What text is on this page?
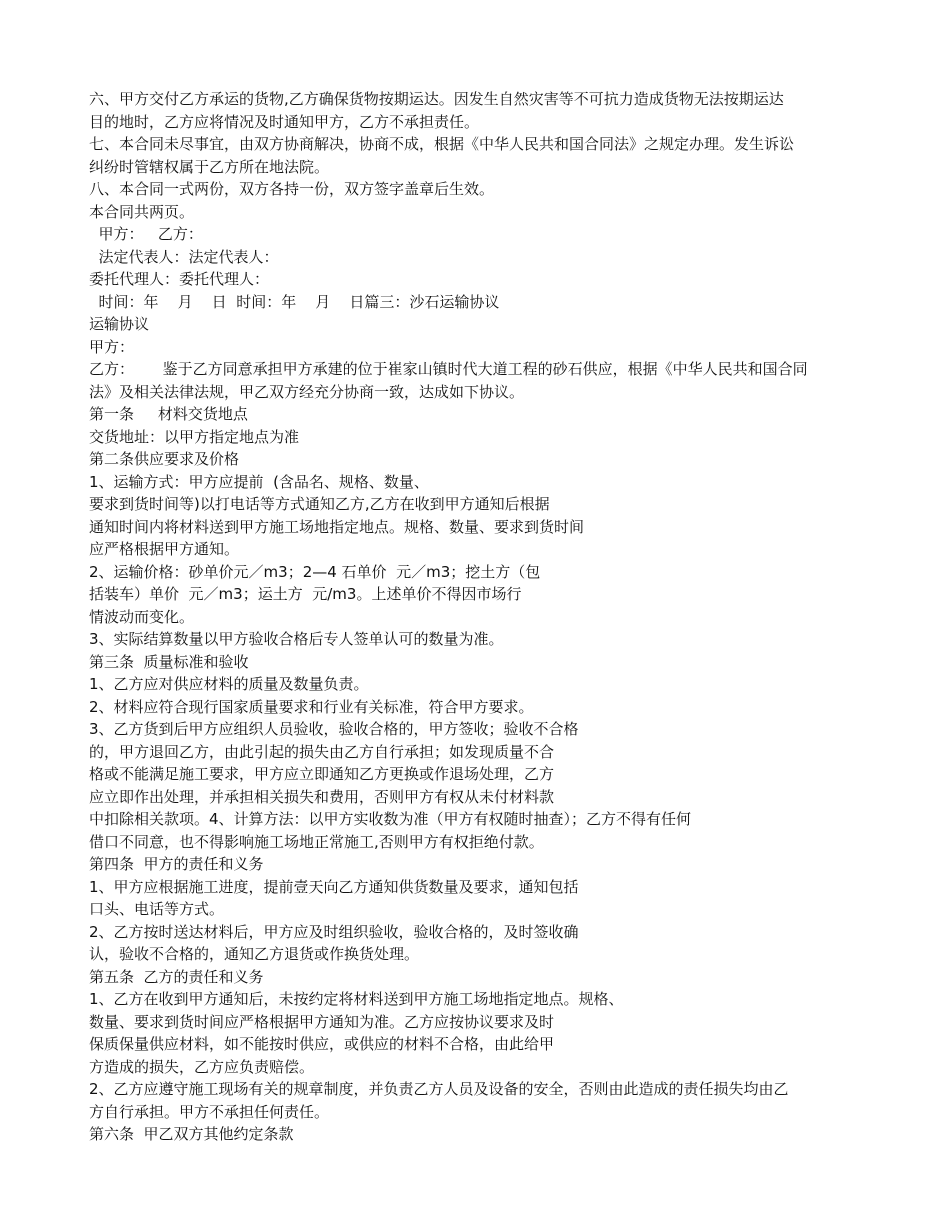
六、甲方交付乙方承运的货物,乙方确保货物按期运达。因发生自然灾害等不可抗力造成货物无法按期运达
目的地时，乙方应将情况及时通知甲方，乙方不承担责任。
七、本合同未尽事宜，由双方协商解决，协商不成，根据《中华人民共和国合同法》之规定办理。发生诉讼
纠纷时管辖权属于乙方所在地法院。
八、本合同一式两份，双方各持一份，双方签字盖章后生效。
本合同共两页。
甲方：   乙方：
法定代表人：法定代表人：
委托代理人：委托代理人：
时间：年    月    日  时间：年    月    日篇三：沙石运输协议
运输协议
甲方：
乙方：      鉴于乙方同意承担甲方承建的位于崔家山镇时代大道工程的砂石供应，根据《中华人民共和国合同
法》及相关法律法规，甲乙双方经充分协商一致，达成如下协议。
第一条     材料交货地点
交货地址：以甲方指定地点为准
第二条供应要求及价格
1、运输方式：甲方应提前  (含品名、规格、数量、
要求到货时间等)以打电话等方式通知乙方,乙方在收到甲方通知后根据
通知时间内将材料送到甲方施工场地指定地点。规格、数量、要求到货时间
应严格根据甲方通知。
2、运输价格：砂单价元／m3；2—4 石单价  元／m3；挖土方（包
括装车）单价  元／m3；运土方  元/m3。上述单价不得因市场行
情波动而变化。
3、实际结算数量以甲方验收合格后专人签单认可的数量为准。
第三条  质量标准和验收
1、乙方应对供应材料的质量及数量负责。
2、材料应符合现行国家质量要求和行业有关标准，符合甲方要求。
3、乙方货到后甲方应组织人员验收，验收合格的，甲方签收；验收不合格
的，甲方退回乙方，由此引起的损失由乙方自行承担；如发现质量不合
格或不能满足施工要求，甲方应立即通知乙方更换或作退场处理，乙方
应立即作出处理，并承担相关损失和费用，否则甲方有权从未付材料款
中扣除相关款项。4、计算方法：以甲方实收数为准（甲方有权随时抽查）；乙方不得有任何
借口不同意，也不得影响施工场地正常施工,否则甲方有权拒绝付款。
第四条  甲方的责任和义务
1、甲方应根据施工进度，提前壹天向乙方通知供货数量及要求，通知包括
口头、电话等方式。
2、乙方按时送达材料后，甲方应及时组织验收，验收合格的，及时签收确
认，验收不合格的，通知乙方退货或作换货处理。
第五条  乙方的责任和义务
1、乙方在收到甲方通知后，未按约定将材料送到甲方施工场地指定地点。规格、
数量、要求到货时间应严格根据甲方通知为准。乙方应按协议要求及时
保质保量供应材料，如不能按时供应，或供应的材料不合格，由此给甲
方造成的损失，乙方应负责赔偿。
2、乙方应遵守施工现场有关的规章制度，并负责乙方人员及设备的安全，否则由此造成的责任损失均由乙
方自行承担。甲方不承担任何责任。
第六条  甲乙双方其他约定条款
